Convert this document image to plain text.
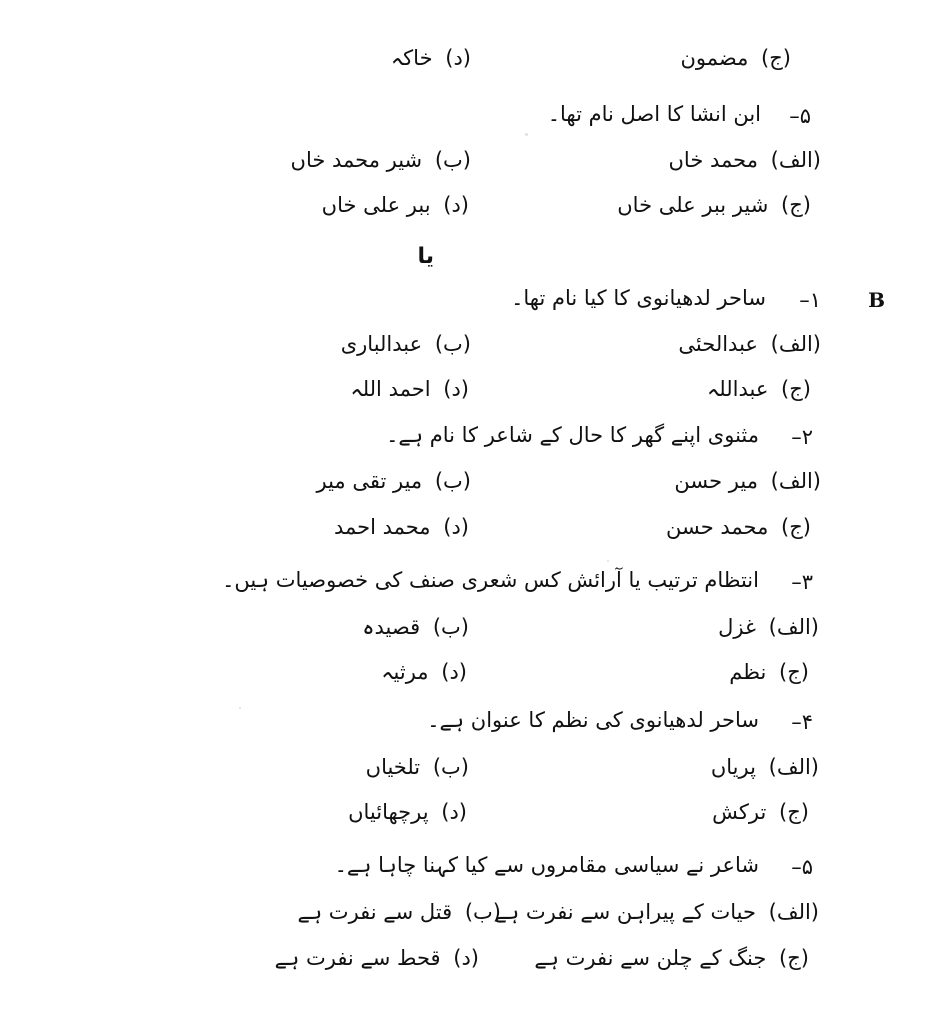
(ج) مضمون
(د) خاکہ
۵–
ابن انشا کا اصل نام تھا۔
(الف) محمد خاں
(ب) شیر محمد خاں
(ج) شیر ببر علی خاں
(د) ببر علی خاں
یا
B
١–
ساحر لدھیانوی کا کیا نام تھا۔
(الف) عبدالحئی
(ب) عبدالباری
(ج) عبداللہ
(د) احمد اللہ
۲–
مثنوی اپنے گھر کا حال کے شاعر کا نام ہے۔
(الف) میر حسن
(ب) میر تقی میر
(ج) محمد حسن
(د) محمد احمد
۳–
انتظام ترتیب یا آرائش کس شعری صنف کی خصوصیات ہیں۔
(الف) غزل
(ب) قصیدہ
(ج) نظم
(د) مرثیہ
۴–
ساحر لدھیانوی کی نظم کا عنوان ہے۔
(الف) پریاں
(ب) تلخیاں
(ج) ترکش
(د) پرچھائیاں
۵–
شاعر نے سیاسی مقامروں سے کیا کہنا چاہا ہے۔
(الف) حیات کے پیراہن سے نفرت ہے
(ب) قتل سے نفرت ہے
(ج) جنگ کے چلن سے نفرت ہے
(د) قحط سے نفرت ہے
